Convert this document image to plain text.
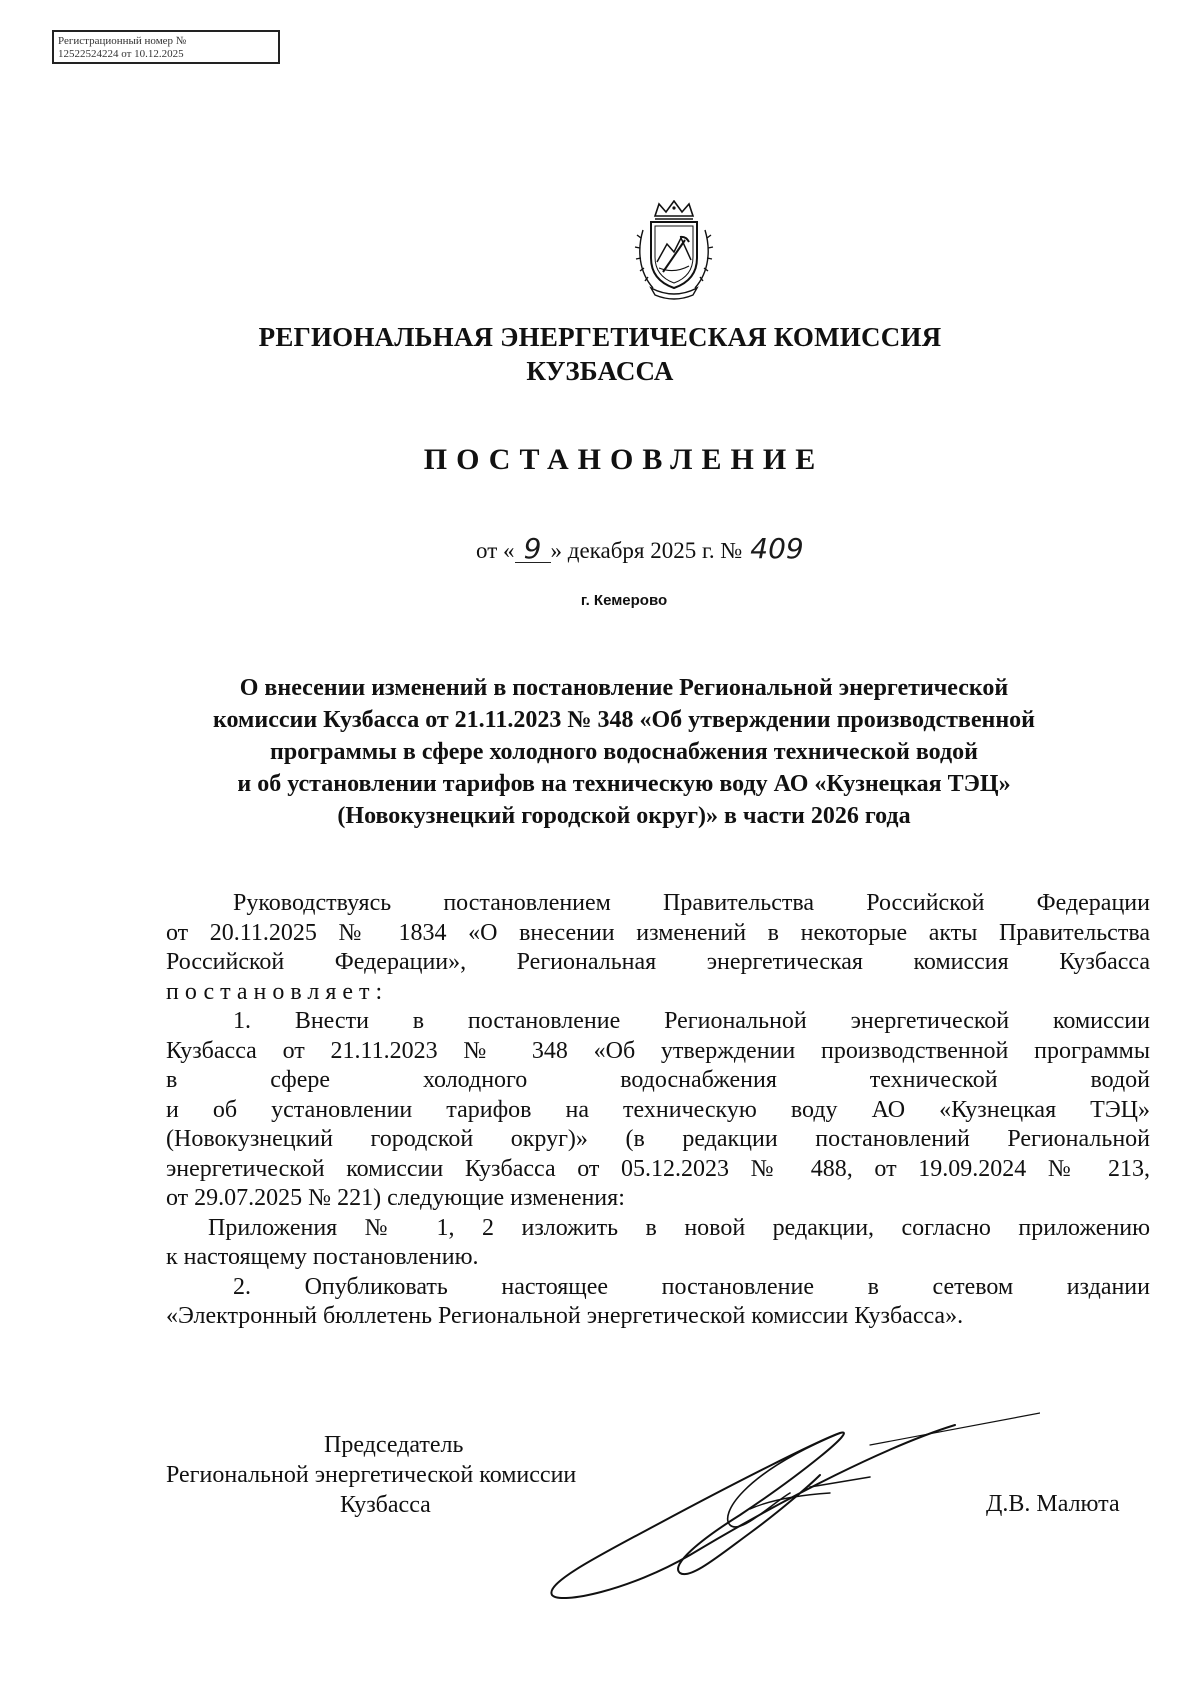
Регистрационный номер №
12522524224 от 10.12.2025
РЕГИОНАЛЬНАЯ ЭНЕРГЕТИЧЕСКАЯ КОМИССИЯ
КУЗБАССА
ПОСТАНОВЛЕНИЕ
от « 9 » декабря 2025 г. № 409
г. Кемерово
О внесении изменений в постановление Региональной энергетической
комиссии Кузбасса от 21.11.2023 № 348 «Об утверждении производственной
программы в сфере холодного водоснабжения технической водой
и об установлении тарифов на техническую воду АО «Кузнецкая ТЭЦ»
(Новокузнецкий городской округ)» в части 2026 года
Руководствуясь постановлением Правительства Российской Федерации
от 20.11.2025 № 1834 «О внесении изменений в некоторые акты Правительства
Российской Федерации», Региональная энергетическая комиссия Кузбасса
постановляет:
1. Внести в постановление Региональной энергетической комиссии
Кузбасса от 21.11.2023 № 348 «Об утверждении производственной программы
в сфере холодного водоснабжения технической водой
и об установлении тарифов на техническую воду АО «Кузнецкая ТЭЦ»
(Новокузнецкий городской округ)» (в редакции постановлений Региональной
энергетической комиссии Кузбасса от 05.12.2023 № 488, от 19.09.2024 № 213,
от 29.07.2025 № 221) следующие изменения:
Приложения № 1, 2 изложить в новой редакции, согласно приложению
к настоящему постановлению.
2. Опубликовать настоящее постановление в сетевом издании
«Электронный бюллетень Региональной энергетической комиссии Кузбасса».
Председатель
Региональной энергетической комиссии
Кузбасса	Д.В. Малюта
